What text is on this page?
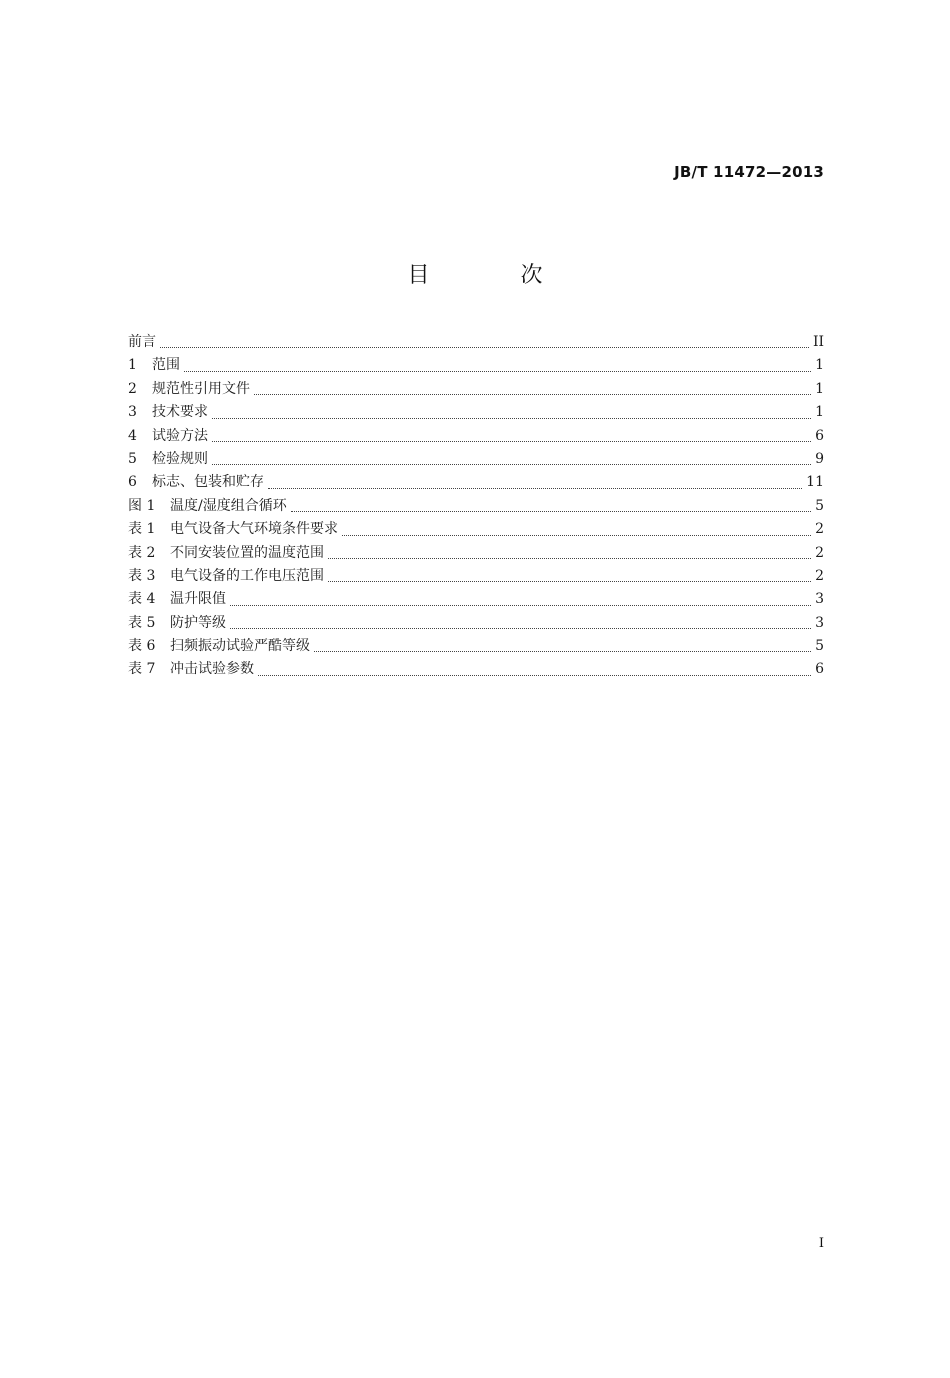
JB/T 11472—2013
目 次
前言	II
1	范围	1
2	规范性引用文件	1
3	技术要求	1
4	试验方法	6
5	检验规则	9
6	标志、包装和贮存	11
图 1	温度/湿度组合循环	5
表 1	电气设备大气环境条件要求	2
表 2	不同安装位置的温度范围	2
表 3	电气设备的工作电压范围	2
表 4	温升限值	3
表 5	防护等级	3
表 6	扫频振动试验严酷等级	5
表 7	冲击试验参数	6
I
